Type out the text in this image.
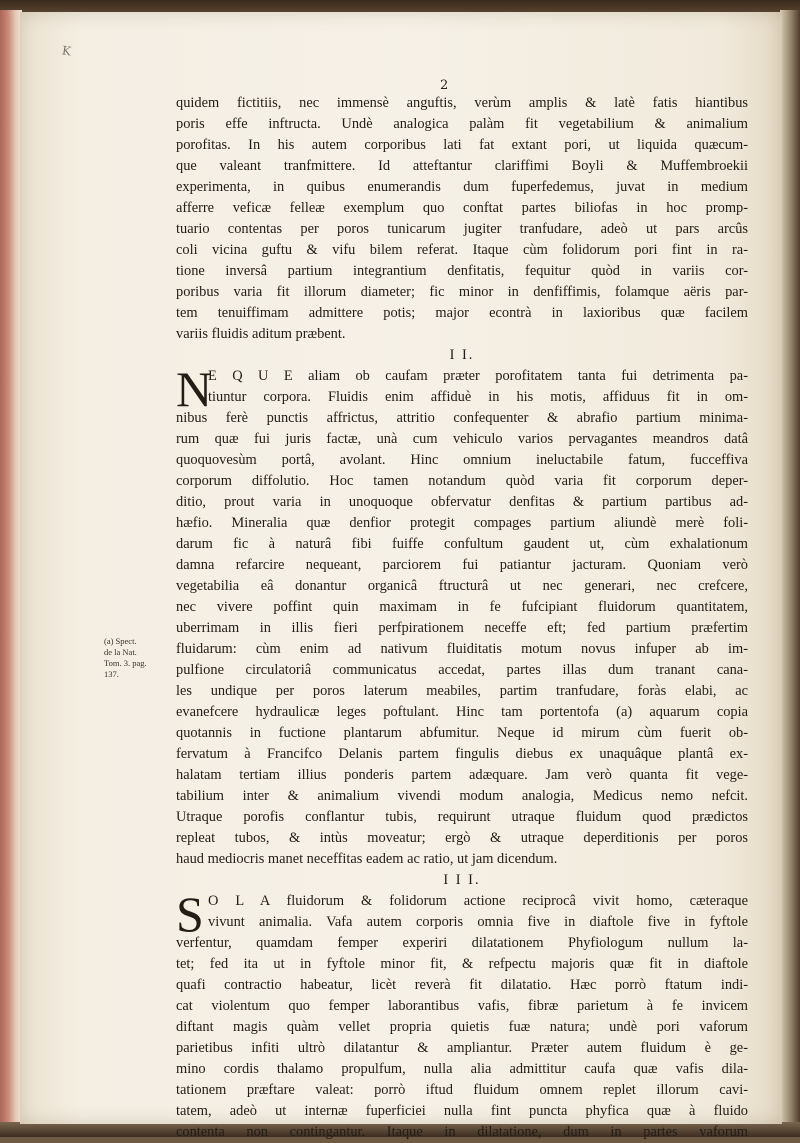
K
2
quidem fictitiis, nec immensè anguftis, verùm amplis & latè fatis hiantibus
poris effe inftructa. Undè analogica palàm fit vegetabilium & animalium
porofitas. In his autem corporibus lati fat extant pori, ut liquida quæcum-
que valeant tranfmittere. Id atteftantur clariffimi Boyli & Muffembroekii
experimenta, in quibus enumerandis dum fuperfedemus, juvat in medium
afferre veficæ felleæ exemplum quo conftat partes biliofas in hoc promp-
tuario contentas per poros tunicarum jugiter tranfudare, adeò ut pars arcûs
coli vicina guftu & vifu bilem referat. Itaque cùm folidorum pori fint in ra-
tione inversâ partium integrantium denfitatis, fequitur quòd in variis cor-
poribus varia fit illorum diameter; fic minor in denfiffimis, folamque aëris par-
tem tenuiffimam admittere potis; major econtrà in laxioribus quæ facilem
variis fluidis aditum præbent.
I I.
N
E Q U E aliam ob caufam præter porofitatem tanta fui detrimenta pa-
tiuntur corpora. Fluidis enim affiduè in his motis, affiduus fit in om-
nibus ferè punctis affrictus, attritio confequenter & abrafio partium minima-
rum quæ fui juris factæ, unà cum vehiculo varios pervagantes meandros datâ
quoquovesùm portâ, avolant. Hinc omnium ineluctabile fatum, fucceffiva
corporum diffolutio. Hoc tamen notandum quòd varia fit corporum deper-
ditio, prout varia in unoquoque obfervatur denfitas & partium partibus ad-
hæfio. Mineralia quæ denfior protegit compages partium aliundè merè foli-
darum fic à naturâ fibi fuiffe confultum gaudent ut, cùm exhalationum
damna refarcire nequeant, parciorem fui patiantur jacturam. Quoniam verò
vegetabilia eâ donantur organicâ ftructurâ ut nec generari, nec crefcere,
nec vivere poffint quin maximam in fe fufcipiant fluidorum quantitatem,
uberrimam in illis fieri perfpirationem neceffe eft; fed partium præfertim
fluidarum: cùm enim ad nativum fluiditatis motum novus infuper ab im-
pulfione circulatoriâ communicatus accedat, partes illas dum tranant cana-
les undique per poros laterum meabiles, partim tranfudare, foràs elabi, ac
evanefcere hydraulicæ leges poftulant. Hinc tam portentofa (a) aquarum copia
quotannis in fuctione plantarum abfumitur. Neque id mirum cùm fuerit ob-
fervatum à Francifco Delanis partem fingulis diebus ex unaquâque plantâ ex-
halatam tertiam illius ponderis partem adæquare. Jam verò quanta fit vege-
tabilium inter & animalium vivendi modum analogia, Medicus nemo nefcit.
Utraque porofis conflantur tubis, requirunt utraque fluidum quod prædictos
repleat tubos, & intùs moveatur; ergò & utraque deperditionis per poros
haud mediocris manet neceffitas eadem ac ratio, ut jam dicendum.
I I I.
S O L A fluidorum & folidorum actione reciprocâ vivit homo, cæteraque
vivunt animalia. Vafa autem corporis omnia five in diaftole five in fyftole
verfentur, quamdam femper experiri dilatationem Phyfiologum nullum la-
tet; fed ita ut in fyftole minor fit, & refpectu majoris quæ fit in diaftole
quafi contractio habeatur, licèt reverà fit dilatatio. Hæc porrò ftatum indi-
cat violentum quo femper laborantibus vafis, fibræ parietum à fe invicem
diftant magis quàm vellet propria quietis fuæ natura; undè pori vaforum
parietibus infiti ultrò dilatantur & ampliantur. Præter autem fluidum è ge-
mino cordis thalamo propulfum, nulla alia admittitur caufa quæ vafis dila-
tationem præftare valeat: porrò iftud fluidum omnem replet illorum cavi-
tatem, adeò ut internæ fuperficiei nulla fint puncta phyfica quæ à fluido
contenta non contingantur. Itaque in dilatatione, dum in partes vaforum
(a) Spect.
de la Nat.
Tom. 3. pag.
137.
